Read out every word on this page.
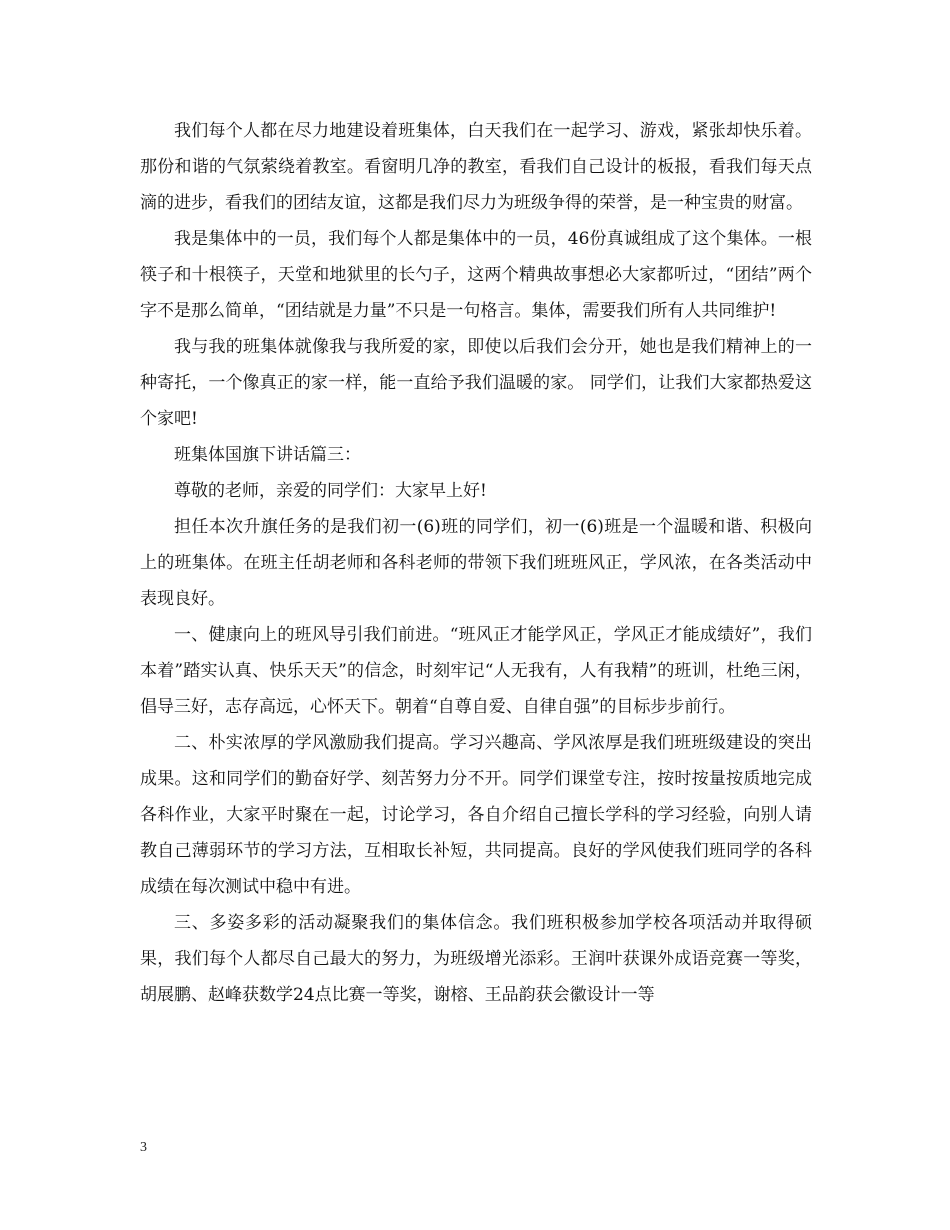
我们每个人都在尽力地建设着班集体，白天我们在一起学习、游戏，紧张却快乐着。那份和谐的气氛萦绕着教室。看窗明几净的教室，看我们自己设计的板报，看我们每天点滴的进步，看我们的团结友谊，这都是我们尽力为班级争得的荣誉，是一种宝贵的财富。

我是集体中的一员，我们每个人都是集体中的一员，46份真诚组成了这个集体。一根筷子和十根筷子，天堂和地狱里的长勺子，这两个精典故事想必大家都听过，“团结”两个字不是那么简单，“团结就是力量”不只是一句格言。集体，需要我们所有人共同维护!

我与我的班集体就像我与我所爱的家，即使以后我们会分开，她也是我们精神上的一种寄托，一个像真正的家一样，能一直给予我们温暖的家。 同学们，让我们大家都热爱这个家吧!

班集体国旗下讲话篇三：

尊敬的老师，亲爱的同学们：大家早上好!

担任本次升旗任务的是我们初一(6)班的同学们，初一(6)班是一个温暖和谐、积极向上的班集体。在班主任胡老师和各科老师的带领下我们班班风正，学风浓，在各类活动中表现良好。

一、健康向上的班风导引我们前进。“班风正才能学风正，学风正才能成绩好”，我们本着”踏实认真、快乐天天”的信念，时刻牢记“人无我有，人有我精”的班训，杜绝三闲，倡导三好，志存高远，心怀天下。朝着“自尊自爱、自律自强”的目标步步前行。

二、朴实浓厚的学风激励我们提高。学习兴趣高、学风浓厚是我们班班级建设的突出成果。这和同学们的勤奋好学、刻苦努力分不开。同学们课堂专注，按时按量按质地完成各科作业，大家平时聚在一起，讨论学习，各自介绍自己擅长学科的学习经验，向别人请教自己薄弱环节的学习方法，互相取长补短，共同提高。良好的学风使我们班同学的各科成绩在每次测试中稳中有进。

三、多姿多彩的活动凝聚我们的集体信念。我们班积极参加学校各项活动并取得硕果，我们每个人都尽自己最大的努力，为班级增光添彩。王润叶获课外成语竞赛一等奖，胡展鹏、赵峰获数学24点比赛一等奖，谢榕、王品韵获会徽设计一等

3
